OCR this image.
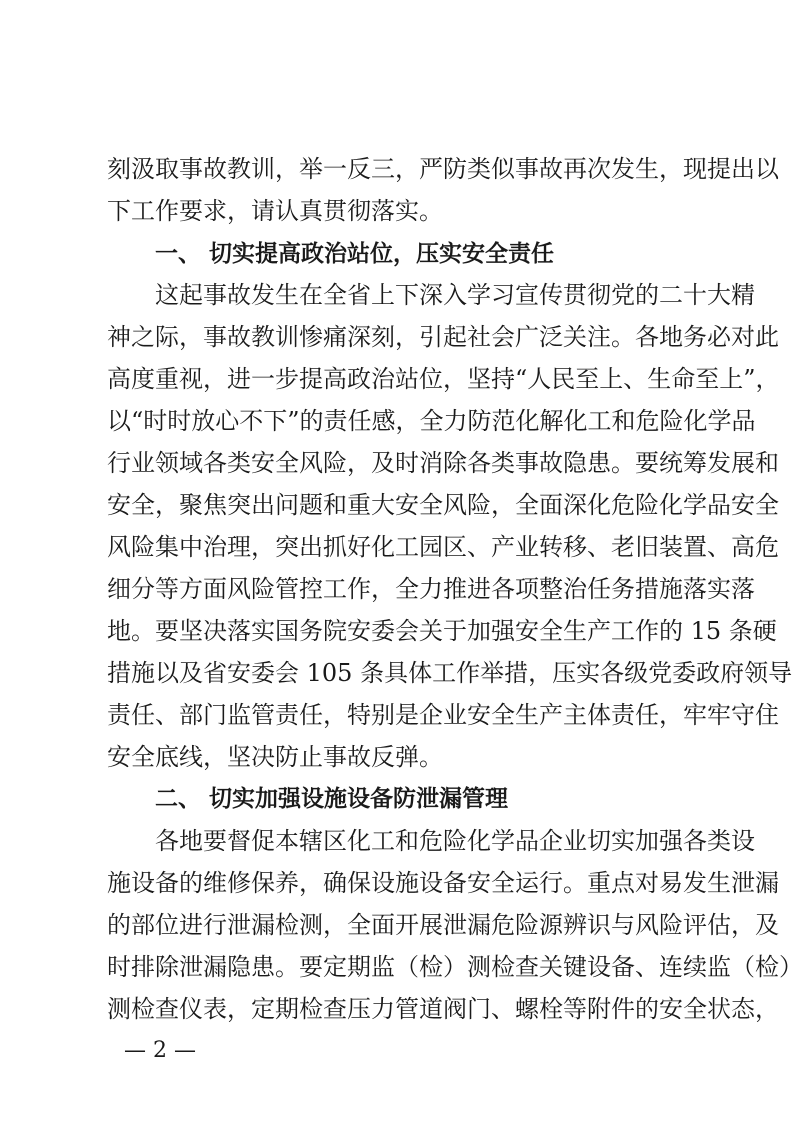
刻汲取事故教训，举一反三，严防类似事故再次发生，现提出以
下工作要求，请认真贯彻落实。
一、 切实提高政治站位，压实安全责任
这起事故发生在全省上下深入学习宣传贯彻党的二十大精
神之际，事故教训惨痛深刻，引起社会广泛关注。各地务必对此
高度重视，进一步提高政治站位，坚持“人民至上、生命至上”，
以“时时放心不下”的责任感，全力防范化解化工和危险化学品
行业领域各类安全风险，及时消除各类事故隐患。要统筹发展和
安全，聚焦突出问题和重大安全风险，全面深化危险化学品安全
风险集中治理，突出抓好化工园区、产业转移、老旧装置、高危
细分等方面风险管控工作，全力推进各项整治任务措施落实落
地。要坚决落实国务院安委会关于加强安全生产工作的 15 条硬
措施以及省安委会 105 条具体工作举措，压实各级党委政府领导
责任、部门监管责任，特别是企业安全生产主体责任，牢牢守住
安全底线，坚决防止事故反弹。
二、 切实加强设施设备防泄漏管理
各地要督促本辖区化工和危险化学品企业切实加强各类设
施设备的维修保养，确保设施设备安全运行。重点对易发生泄漏
的部位进行泄漏检测，全面开展泄漏危险源辨识与风险评估，及
时排除泄漏隐患。要定期监（检）测检查关键设备、连续监（检）
测检查仪表，定期检查压力管道阀门、螺栓等附件的安全状态，
— 2 —
